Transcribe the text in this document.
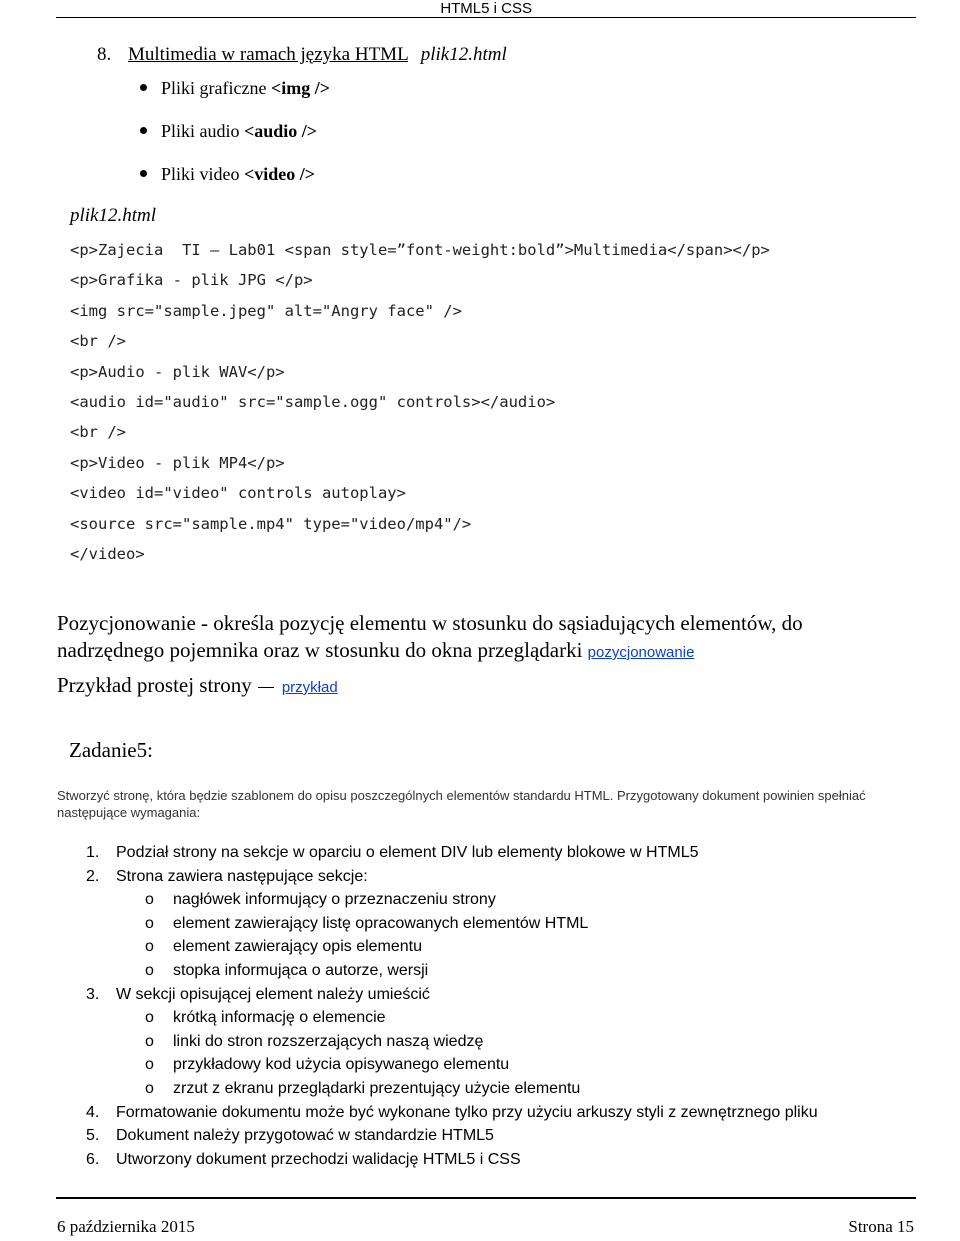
HTML5 i CSS
8. Multimedia w ramach języka HTML plik12.html
Pliki graficzne <img />
Pliki audio <audio />
Pliki video <video />
plik12.html
<p>Zajecia  TI – Lab01 <span style=”font-weight:bold”>Multimedia</span></p>
<p>Grafika - plik JPG </p>
<img src="sample.jpeg" alt="Angry face" />
<br />
<p>Audio - plik WAV</p>
<audio id="audio" src="sample.ogg" controls></audio>
<br />
<p>Video - plik MP4</p>
<video id="video" controls autoplay>
<source src="sample.mp4" type="video/mp4"/>
</video>
Pozycjonowanie - określa pozycję elementu w stosunku do sąsiadujących elementów, do nadrzędnego pojemnika oraz w stosunku do okna przeglądarki pozycjonowanie
Przykład prostej strony przykład
Zadanie5:
Stworzyć stronę, która będzie szablonem do opisu poszczególnych elementów standardu HTML. Przygotowany dokument powinien spełniać następujące wymagania:
1. Podział strony na sekcje w oparciu o element DIV lub elementy blokowe w HTML5
2. Strona zawiera następujące sekcje:
o nagłówek informujący o przeznaczeniu strony
o element zawierający listę opracowanych elementów HTML
o element zawierający opis elementu
o stopka informująca o autorze, wersji
3. W sekcji opisującej element należy umieścić
o krótką informację o elemencie
o linki do stron rozszerzających naszą wiedzę
o przykładowy kod użycia opisywanego elementu
o zrzut z ekranu przeglądarki prezentujący użycie elementu
4. Formatowanie dokumentu może być wykonane tylko przy użyciu arkuszy styli z zewnętrznego pliku
5. Dokument należy przygotować w standardzie HTML5
6. Utworzony dokument przechodzi walidację HTML5 i CSS
6 października 2015	Strona 15
